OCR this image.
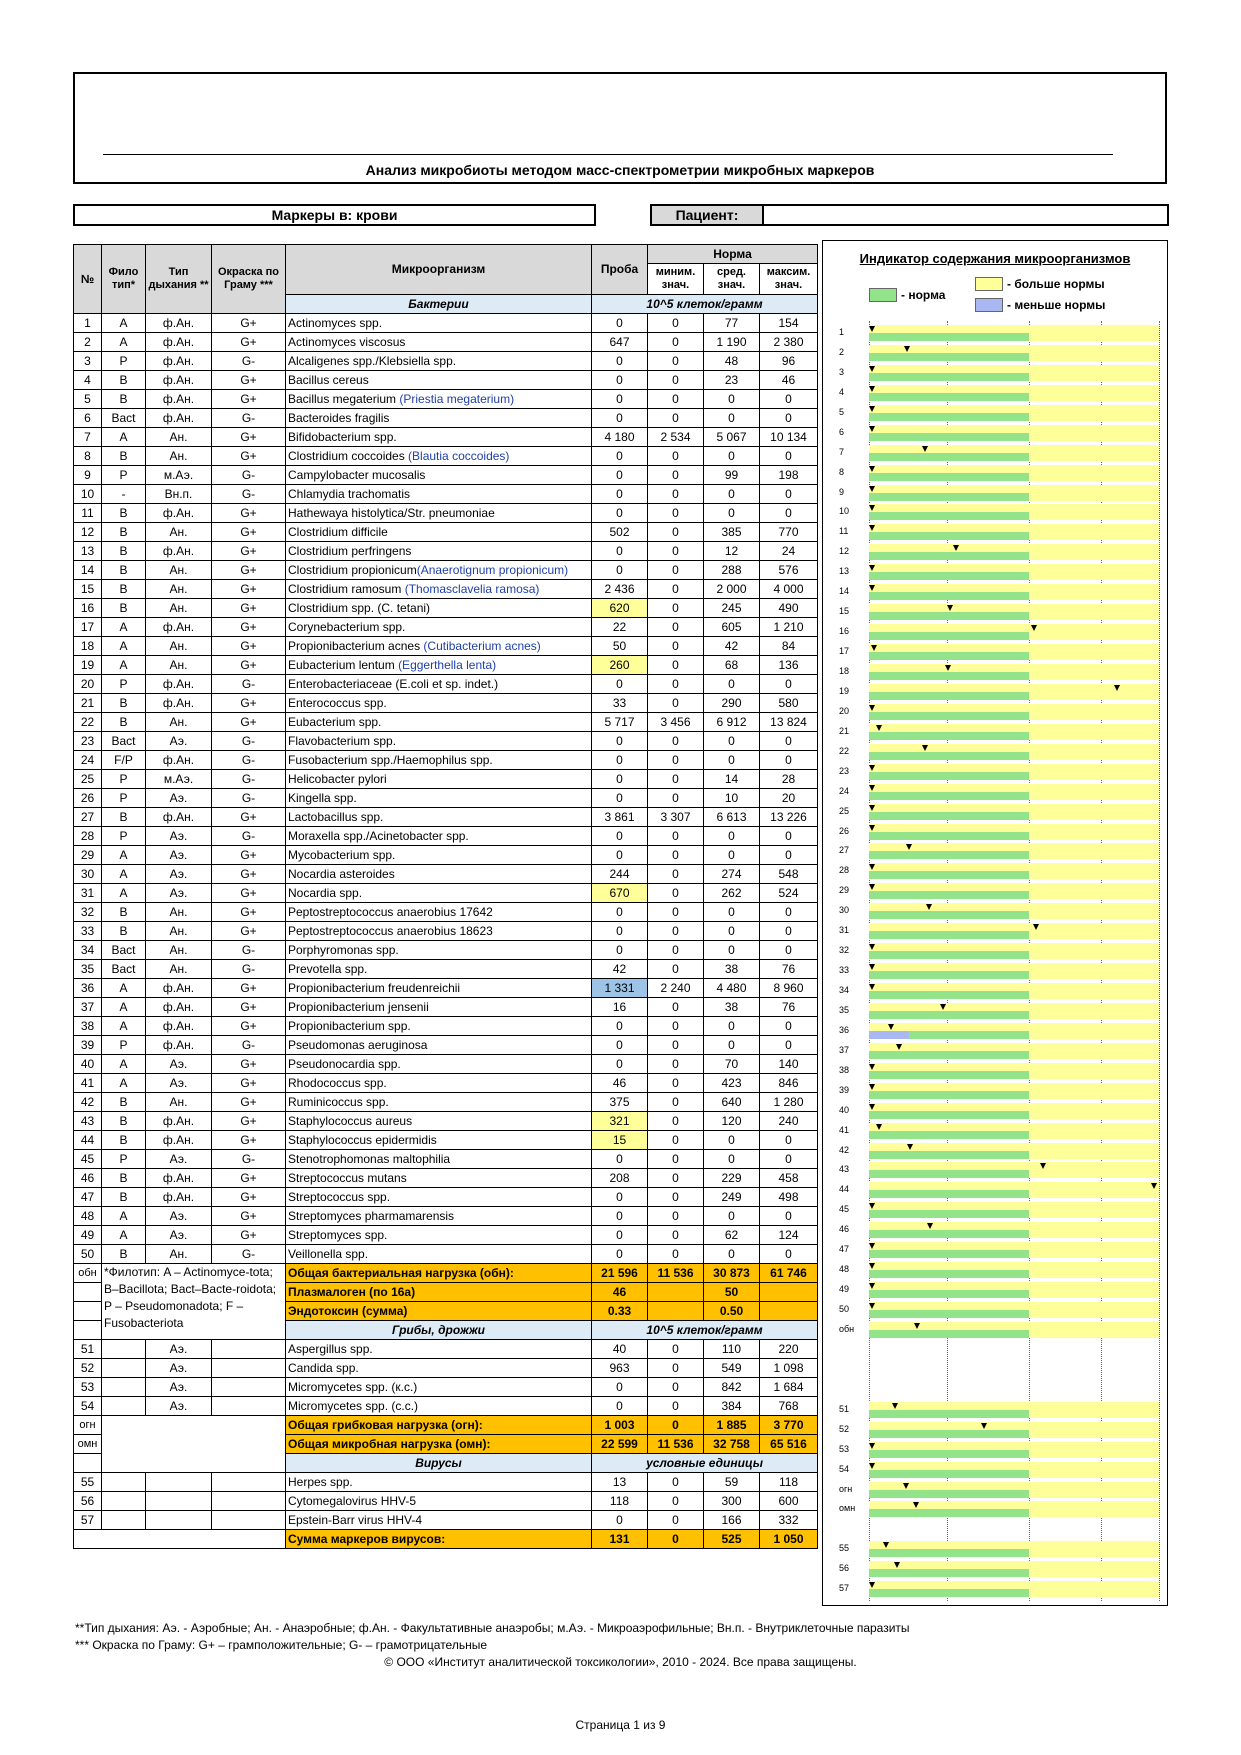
Анализ микробиоты методом масс-спектрометрии микробных маркеров
Маркеры в: крови	Пациент:
№	Фило тип*	Тип дыхания **	Окраска по Граму ***	Микроорганизм	Проба	Норма		
						миним. знач.	сред. знач.	максим. знач.
				Бактерии	10^5 клеток/грамм			
1	A	ф.Ан.	G+	Actinomyces spp.	0	0	77	154
2	A	ф.Ан.	G+	Actinomyces viscosus	647	0	1 190	2 380
3	P	ф.Ан.	G-	Alcaligenes spp./Klebsiella spp.	0	0	48	96
4	B	ф.Ан.	G+	Bacillus cereus	0	0	23	46
5	B	ф.Ан.	G+	Bacillus megaterium (Priestia megaterium)	0	0	0	0
6	Bact	ф.Ан.	G-	Bacteroides fragilis	0	0	0	0
7	A	Ан.	G+	Bifidobacterium spp.	4 180	2 534	5 067	10 134
8	B	Ан.	G+	Clostridium coccoides (Blautia coccoides)	0	0	0	0
9	P	м.Аэ.	G-	Campylobacter mucosalis	0	0	99	198
10	-	Вн.п.	G-	Chlamydia trachomatis	0	0	0	0
11	B	ф.Ан.	G+	Hathewaya histolytica/Str. pneumoniae	0	0	0	0
12	B	Ан.	G+	Clostridium difficile	502	0	385	770
13	B	ф.Ан.	G+	Clostridium perfringens	0	0	12	24
14	B	Ан.	G+	Clostridium propionicum(Anaerotignum propionicum)	0	0	288	576
15	B	Ан.	G+	Clostridium ramosum (Thomasclavelia ramosa)	2 436	0	2 000	4 000
16	B	Ан.	G+	Clostridium spp. (C. tetani)	620	0	245	490
17	A	ф.Ан.	G+	Corynebacterium spp.	22	0	605	1 210
18	A	Ан.	G+	Propionibacterium acnes (Cutibacterium acnes)	50	0	42	84
19	A	Ан.	G+	Eubacterium lentum (Eggerthella lenta)	260	0	68	136
20	P	ф.Ан.	G-	Enterobacteriaceae (E.coli et sp. indet.)	0	0	0	0
21	B	ф.Ан.	G+	Enterococcus spp.	33	0	290	580
22	B	Ан.	G+	Eubacterium spp.	5 717	3 456	6 912	13 824
23	Bact	Аэ.	G-	Flavobacterium spp.	0	0	0	0
24	F/P	ф.Ан.	G-	Fusobacterium spp./Haemophilus spp.	0	0	0	0
25	P	м.Аэ.	G-	Helicobacter pylori	0	0	14	28
26	P	Аэ.	G-	Kingella spp.	0	0	10	20
27	B	ф.Ан.	G+	Lactobacillus spp.	3 861	3 307	6 613	13 226
28	P	Аэ.	G-	Moraxella spp./Acinetobacter spp.	0	0	0	0
29	A	Аэ.	G+	Mycobacterium spp.	0	0	0	0
30	A	Аэ.	G+	Nocardia asteroides	244	0	274	548
31	A	Аэ.	G+	Nocardia spp.	670	0	262	524
32	B	Ан.	G+	Peptostreptococcus anaerobius 17642	0	0	0	0
33	B	Ан.	G+	Peptostreptococcus anaerobius 18623	0	0	0	0
34	Bact	Ан.	G-	Porphyromonas spp.	0	0	0	0
35	Bact	Ан.	G-	Prevotella spp.	42	0	38	76
36	A	ф.Ан.	G+	Propionibacterium freudenreichii	1 331	2 240	4 480	8 960
37	A	ф.Ан.	G+	Propionibacterium jensenii	16	0	38	76
38	A	ф.Ан.	G+	Propionibacterium spp.	0	0	0	0
39	P	ф.Ан.	G-	Pseudomonas aeruginosa	0	0	0	0
40	A	Аэ.	G+	Pseudonocardia spp.	0	0	70	140
41	A	Аэ.	G+	Rhodococcus spp.	46	0	423	846
42	B	Ан.	G+	Ruminicoccus spp.	375	0	640	1 280
43	B	ф.Ан.	G+	Staphylococcus aureus	321	0	120	240
44	B	ф.Ан.	G+	Staphylococcus epidermidis	15	0	0	0
45	P	Аэ.	G-	Stenotrophomonas maltophilia	0	0	0	0
46	B	ф.Ан.	G+	Streptococcus mutans	208	0	229	458
47	B	ф.Ан.	G+	Streptococcus spp.	0	0	249	498
48	A	Аэ.	G+	Streptomyces pharmamarensis	0	0	0	0
49	A	Аэ.	G+	Streptomyces spp.	0	0	62	124
50	B	Ан.	G-	Veillonella spp.	0	0	0	0
обн	*Филотип: A – Actinomyce-tota; B–Bacillota; Bact–Bacte-roidota; P – Pseudomonadota; F – Fusobacteriota			Общая бактериальная нагрузка (обн):	21 596	11 536	30 873	61 746
				Плазмалоген (по 16а)	46		50	
				Эндотоксин (сумма)	0.33		0.50	
				Грибы, дрожжи	10^5 клеток/грамм			
51		Аэ.		Aspergillus spp.	40	0	110	220
52		Аэ.		Candida spp.	963	0	549	1 098
53		Аэ.		Micromycetes spp. (к.с.)	0	0	842	1 684
54		Аэ.		Micromycetes spp. (с.с.)	0	0	384	768
огн				Общая грибковая нагрузка (огн):	1 003	0	1 885	3 770
омн				Общая микробная нагрузка (омн):	22 599	11 536	32 758	65 516
				Вирусы	условные единицы			
55				Herpes spp.	13	0	59	118
56				Cytomegalovirus HHV-5	118	0	300	600
57				Epstein-Barr virus HHV-4	0	0	166	332
				Сумма маркеров вирусов:	131	0	525	1 050
Индикатор содержания микроорганизмов
- норма
- больше нормы
- меньше нормы
1
2
3
4
5
6
7
8
9
10
11
12
13
14
15
16
17
18
19
20
21
22
23
24
25
26
27
28
29
30
31
32
33
34
35
36
37
38
39
40
41
42
43
44
45
46
47
48
49
50
обн
51
52
53
54
огн
омн
55
56
57
**Тип дыхания: Аэ. - Аэробные; Ан. - Анаэробные; ф.Ан. - Факультативные анаэробы; м.Аэ. - Микроаэрофильные; Вн.п. - Внутриклеточные паразиты
*** Окраска по Граму: G+ – грамположительные; G- – грамотрицательные
© ООО «Институт аналитической токсикологии», 2010 - 2024. Все права защищены.
Страница 1 из 9
